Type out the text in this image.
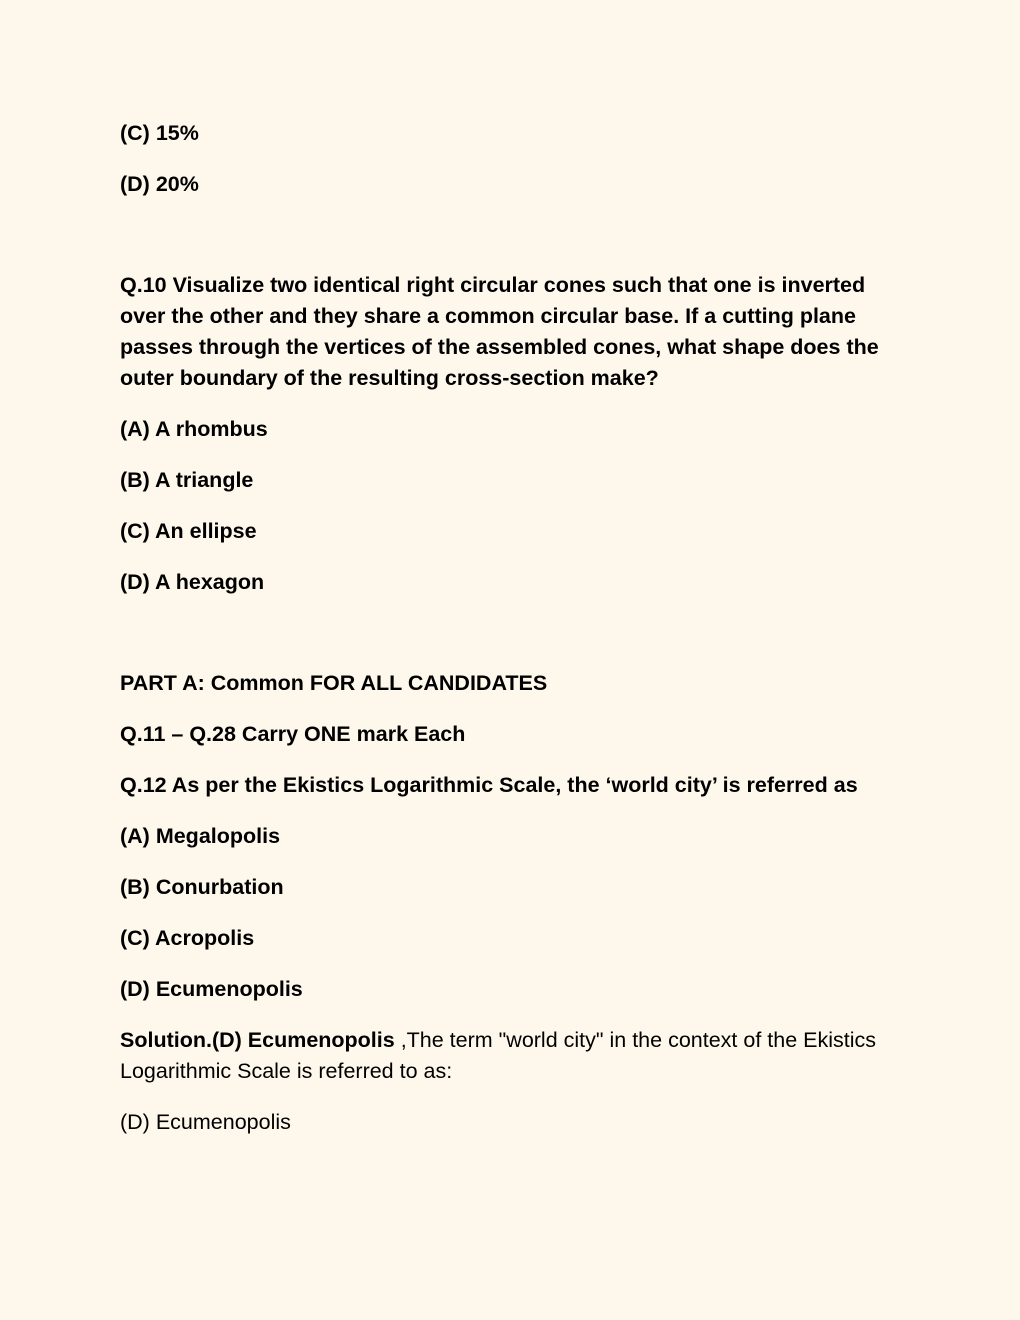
(C) 15%

(D) 20%

Q.10 Visualize two identical right circular cones such that one is inverted over the other and they share a common circular base. If a cutting plane passes through the vertices of the assembled cones, what shape does the outer boundary of the resulting cross-section make?

(A) A rhombus

(B) A triangle

(C) An ellipse

(D) A hexagon

PART A: Common FOR ALL CANDIDATES

Q.11 – Q.28 Carry ONE mark Each

Q.12 As per the Ekistics Logarithmic Scale, the ‘world city’ is referred as

(A) Megalopolis

(B) Conurbation

(C) Acropolis

(D) Ecumenopolis

Solution.(D) Ecumenopolis ,The term "world city" in the context of the Ekistics Logarithmic Scale is referred to as:

(D) Ecumenopolis
